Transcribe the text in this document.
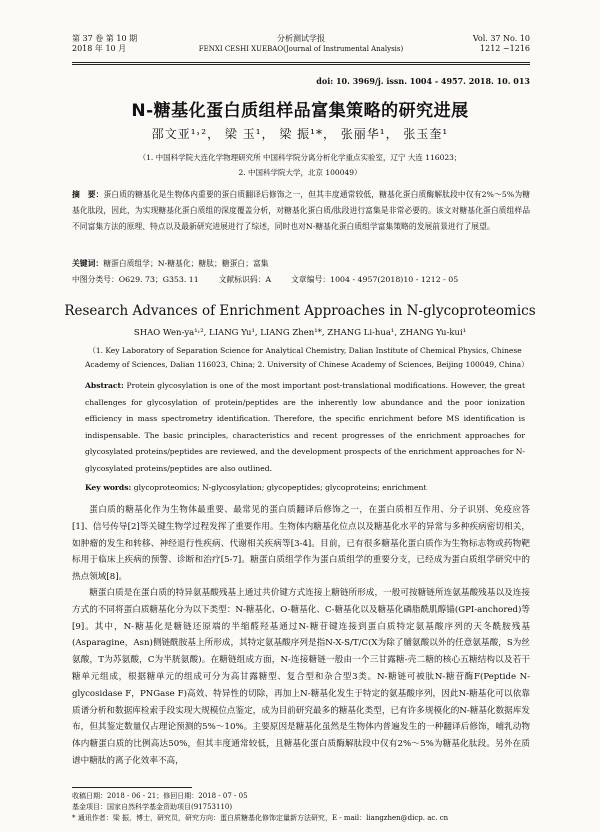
第 37 卷 第 10 期
2018 年 10 月
分析测试学报
FENXI CESHI XUEBAO(Journal of Instrumental Analysis)
Vol. 37 No. 10
1212 ~1216
doi: 10. 3969/j. issn. 1004 - 4957. 2018. 10. 013
N-糖基化蛋白质组样品富集策略的研究进展
邵文亚¹˒²， 梁 玉¹， 梁 振¹*， 张丽华¹， 张玉奎¹
（1. 中国科学院大连化学物理研究所 中国科学院分离分析化学重点实验室，辽宁 大连 116023；
2. 中国科学院大学，北京 100049）
摘　要：蛋白质的糖基化是生物体内重要的蛋白质翻译后修饰之一，但其丰度通常较低，糖基化蛋白质酶解肽段中仅有2%～5%为糖基化肽段，因此，为实现糖基化蛋白质组的深度覆盖分析，对糖基化蛋白质/肽段进行富集是非常必要的。该文对糖基化蛋白质组样品不同富集方法的原理、特点以及最新研究进展进行了综述，同时也对N-糖基化蛋白质组学富集策略的发展前景进行了展望。
关键词：糖蛋白质组学；N-糖基化；糖肽；糖蛋白；富集
中图分类号：O629. 73；G353. 11	文献标识码：A	文章编号：1004 - 4957(2018)10 - 1212 - 05
Research Advances of Enrichment Approaches in N-glycoproteomics
SHAO Wen-ya¹˒², LIANG Yu¹, LIANG Zhen¹*, ZHANG Li-hua¹, ZHANG Yu-kui¹
（1. Key Laboratory of Separation Science for Analytical Chemistry, Dalian Institute of Chemical Physics, Chinese Academy of Sciences, Dalian 116023, China; 2. University of Chinese Academy of Sciences, Beijing 100049, China）
Abstract: Protein glycosylation is one of the most important post-translational modifications. However, the great challenges for glycosylation of protein/peptides are the inherently low abundance and the poor ionization efficiency in mass spectrometry identification. Therefore, the specific enrichment before MS identification is indispensable. The basic principles, characteristics and recent progresses of the enrichment approaches for glycosylated proteins/peptides are reviewed, and the development prospects of the enrichment approaches for N-glycosylated proteins/peptides are also outlined.
Key words: glycoproteomics; N-glycosylation; glycopeptides; glycoproteins; enrichment
蛋白质的糖基化作为生物体最重要、最常见的蛋白质翻译后修饰之一，在蛋白质相互作用、分子识别、免疫应答[1]、信号传导[2]等关键生物学过程发挥了重要作用。生物体内糖基化位点以及糖基化水平的异常与多种疾病密切相关，如肿瘤的发生和转移、神经退行性疾病、代谢相关疾病等[3-4]。目前，已有很多糖基化蛋白质作为生物标志物或药物靶标用于临床上疾病的预警、诊断和治疗[5-7]。糖蛋白质组学作为蛋白质组学的重要分支，已经成为蛋白质组学研究中的热点领域[8]。
糖蛋白质是在蛋白质的特异氨基酸残基上通过共价键方式连接上糖链所形成，一般可按糖链所连氨基酸残基以及连接方式的不同将蛋白质糖基化分为以下类型：N-糖基化、O-糖基化、C-糖基化以及糖基化磷脂酰肌醇锚(GPI-anchored)等[9]。其中，N-糖基化是糖链还原端的半缩醛羟基通过N-糖苷键连接到蛋白质特定氨基酸序列的天冬酰胺残基(Asparagine，Asn)侧链酰胺基上所形成，其特定氨基酸序列是指N-X-S/T/C(X为除了脯氨酸以外的任意氨基酸，S为丝氨酸，T为苏氨酸，C为半胱氨酸)。在糖链组成方面，N-连接糖链一般由一个三甘露糖-壳二糖的核心五糖结构以及若干糖单元组成，根据糖单元的组成可分为高甘露糖型、复合型和杂合型3类。N-糖链可被肽N-糖苷酶F(Peptide N-glycosidase F，PNGase F)高效、特异性的切除，再加上N-糖基化发生于特定的氨基酸序列，因此N-糖基化可以依靠质谱分析和数据库检索手段实现大规模位点鉴定，成为目前研究最多的糖基化类型，已有许多规模化的N-糖基化数据库发布，但其鉴定数量仅占理论预测的5%～10%。主要原因是糖基化虽然是生物体内普遍发生的一种翻译后修饰，哺乳动物体内糖蛋白质的比例高达50%，但其丰度通常较低，且糖基化蛋白质酶解肽段中仅有2%～5%为糖基化肽段。另外在质谱中糖肽的离子化效率不高，
收稿日期：2018 - 06 - 21；修回日期：2018 - 07 - 05
基金项目：国家自然科学基金资助项目(91753110)
* 通讯作者：梁 振，博士，研究员，研究方向：蛋白质糖基化修饰定量新方法研究，E - mail：liangzhen@dicp. ac. cn
